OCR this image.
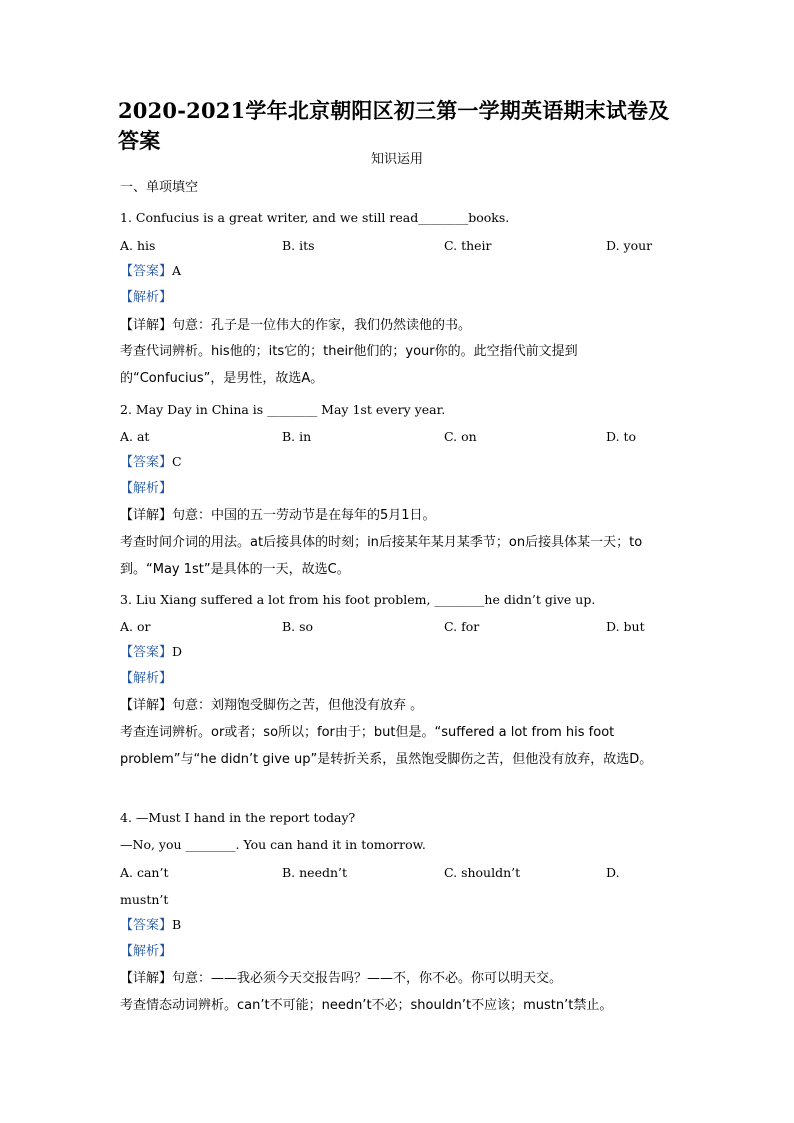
2020-2021学年北京朝阳区初三第一学期英语期末试卷及答案
知识运用
一、单项填空
1. Confucius is a great writer, and we still read________books.
A. his	B. its	C. their	D. your
【答案】A
【解析】
【详解】句意：孔子是一位伟大的作家，我们仍然读他的书。
考查代词辨析。his他的；its它的；their他们的；your你的。此空指代前文提到的“Confucius”，是男性，故选A。
2. May Day in China is ________ May 1st every year.
A. at	B. in	C. on	D. to
【答案】C
【解析】
【详解】句意：中国的五一劳动节是在每年的5月1日。
考查时间介词的用法。at后接具体的时刻；in后接某年某月某季节；on后接具体某一天；to到。“May 1st”是具体的一天，故选C。
3. Liu Xiang suffered a lot from his foot problem, ________he didn’t give up.
A. or	B. so	C. for	D. but
【答案】D
【解析】
【详解】句意：刘翔饱受脚伤之苦，但他没有放弃 。
考查连词辨析。or或者；so所以；for由于；but但是。“suffered a lot from his foot problem”与“he didn’t give up”是转折关系，虽然饱受脚伤之苦，但他没有放弃，故选D。
4. —Must I hand in the report today?
—No, you ________. You can hand it in tomorrow.
A. can’t	B. needn’t	C. shouldn’t	D.
mustn’t
【答案】B
【解析】
【详解】句意：——我必须今天交报告吗？——不，你不必。你可以明天交。
考查情态动词辨析。can’t不可能；needn’t不必；shouldn’t不应该；mustn’t禁止。
